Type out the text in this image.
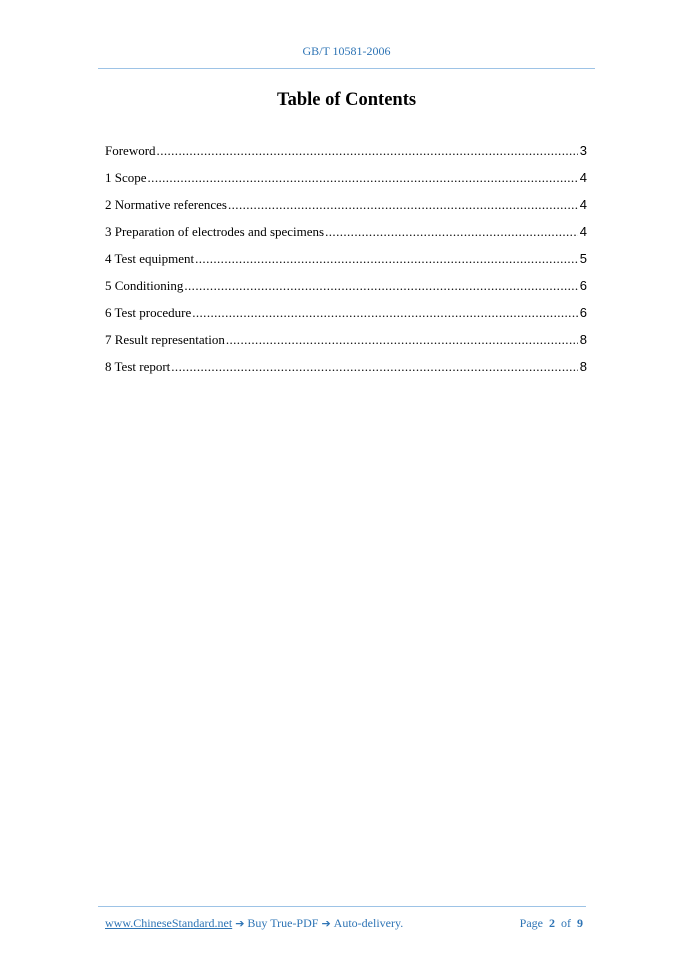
GB/T 10581-2006
Table of Contents
Foreword .....	3
1 Scope .....	4
2 Normative references .....	4
3 Preparation of electrodes and specimens .....	4
4 Test equipment .....	5
5 Conditioning .....	6
6 Test procedure .....	6
7 Result representation .....	8
8 Test report .....	8
www.ChineseStandard.net ➔ Buy True-PDF ➔ Auto-delivery.	Page 2 of 9
